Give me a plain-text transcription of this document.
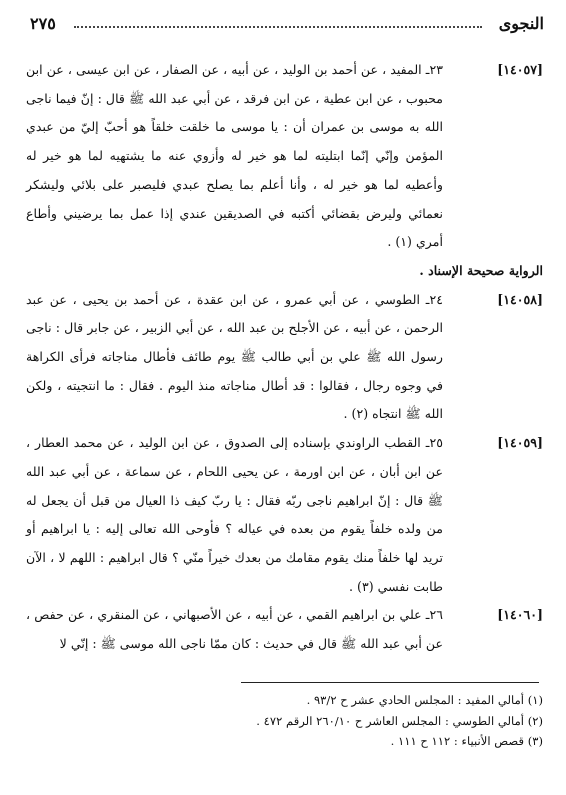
٢٧٥	النجوى
[١٤٠٥٧]

٢٣ـ المفيد ، عن أحمد بن الوليد ، عن أبيه ، عن الصفار ، عن ابن عيسى ، عن ابن محبوب ، عن ابن عطية ، عن ابن فرقد ، عن أبي عبد الله ﷺ قال : إنّ فيما ناجى الله به موسى بن عمران أن : يا موسى ما خلقت خلقاً هو أحبّ إليّ من عبدي المؤمن وإنّي إنّما ابتليته لما هو خير له وأزوي عنه ما يشتهيه لما هو خير له وأعطيه لما هو خير له ، وأنا أعلم بما يصلح عبدي فليصبر على بلائي وليشكر نعمائي وليرض بقضائي أكتبه في الصديقين عندي إذا عمل بما يرضيني وأطاع أمري (١) .

الرواية صحيحة الإسناد .

[١٤٠٥٨]

٢٤ـ الطوسي ، عن أبي عمرو ، عن ابن عقدة ، عن أحمد بن يحيى ، عن عبد الرحمن ، عن أبيه ، عن الأجلح بن عبد الله ، عن أبي الزبير ، عن جابر قال : ناجى رسول الله ﷺ علي بن أبي طالب ﷺ يوم طائف فأطال مناجاته فرأى الكراهة في وجوه رجال ، فقالوا : قد أطال مناجاته منذ اليوم . فقال : ما انتجيته ، ولكن الله ﷺ انتجاه (٢) .

[١٤٠٥٩]

٢٥ـ القطب الراوندي بإسناده إلى الصدوق ، عن ابن الوليد ، عن محمد العطار ، عن ابن أبان ، عن ابن اورمة ، عن يحيى اللحام ، عن سماعة ، عن أبي عبد الله ﷺ قال : إنّ ابراهيم ناجى ربّه فقال : يا ربّ كيف ذا العيال من قبل أن يجعل له من ولده خلفاً يقوم من بعده في عياله ؟ فأوحى الله تعالى إليه : يا ابراهيم أو تريد لها خلفاً منك يقوم مقامك من بعدك خيراً منّي ؟ قال ابراهيم : اللهم لا ، الآن طابت نفسي (٣) .

[١٤٠٦٠]

٢٦ـ علي بن ابراهيم القمي ، عن أبيه ، عن الأصبهاني ، عن المنقري ، عن حفص ، عن أبي عبد الله ﷺ قال في حديث : كان ممّا ناجى الله موسى ﷺ : إنّي لا

(١) أمالي المفيد : المجلس الحادي عشر ح ٩٣/٢ .

(٢) أمالي الطوسي : المجلس العاشر ح ٢٦٠/١٠ الرقم ٤٧٢ .

(٣) قصص الأنبياء : ١١٢ ح ١١١ .
